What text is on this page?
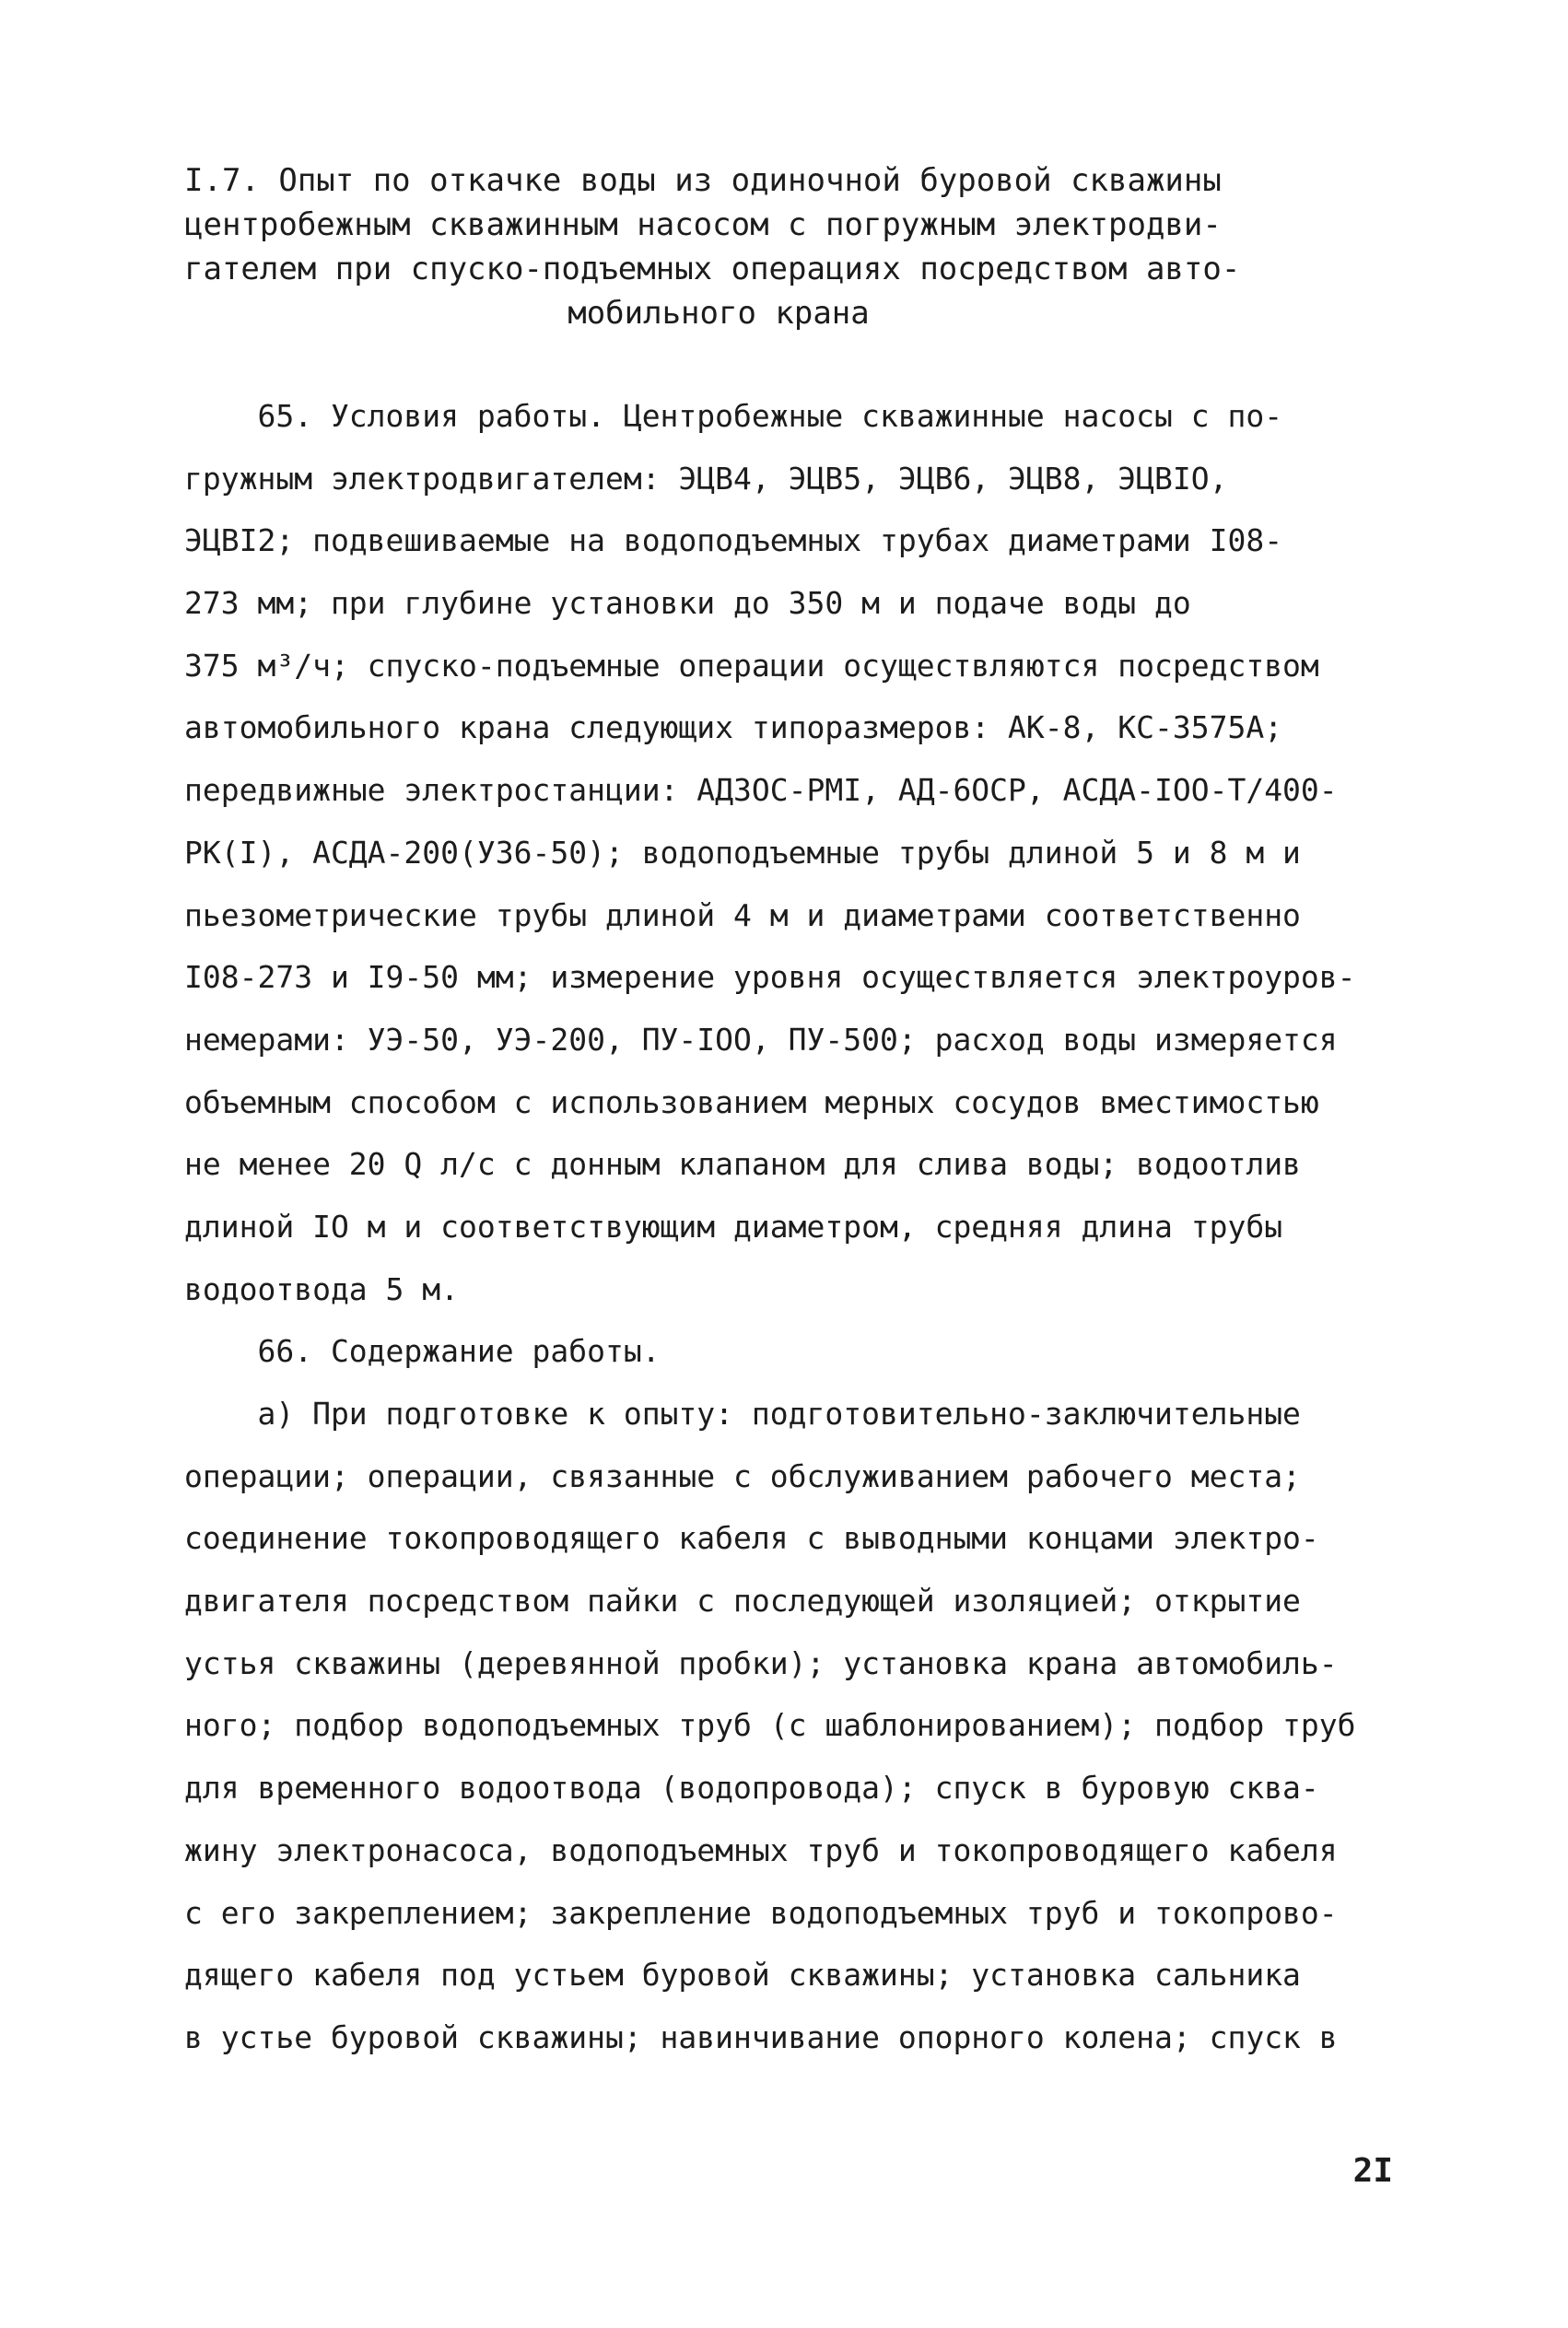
I.7. Опыт по откачке воды из одиночной буровой скважины
центробежным скважинным насосом с погружным электродви-
гателем при спуско-подъемных операциях посредством авто-
мобильного крана
65. Условия работы. Центробежные скважинные насосы с по-
гружным электродвигателем: ЭЦВ4, ЭЦВ5, ЭЦВ6, ЭЦВ8, ЭЦВIO,
ЭЦВI2; подвешиваемые на водоподъемных трубах диаметрами I08-
273 мм; при глубине установки до 350 м и подаче воды до
375 м³/ч; спуско-подъемные операции осуществляются посредством
автомобильного крана следующих типоразмеров: АК-8, КС-3575А;
передвижные электростанции: АДЗОС-РМI, АД-6ОСР, АСДА-IOO-Т/400-
РК(I), АСДА-200(У36-50); водоподъемные трубы длиной 5 и 8 м и
пьезометрические трубы длиной 4 м и диаметрами соответственно
I08-273 и I9-50 мм; измерение уровня осуществляется электроуров-
немерами: УЭ-50, УЭ-200, ПУ-IOO, ПУ-500; расход воды измеряется
объемным способом с использованием мерных сосудов вместимостью
не менее 20 Q л/с с донным клапаном для слива воды; водоотлив
длиной IO м и соответствующим диаметром, средняя длина трубы
водоотвода 5 м.
66. Содержание работы.
а) При подготовке к опыту: подготовительно-заключительные
операции; операции, связанные с обслуживанием рабочего места;
соединение токопроводящего кабеля с выводными концами электро-
двигателя посредством пайки с последующей изоляцией; открытие
устья скважины (деревянной пробки); установка крана автомобиль-
ного; подбор водоподъемных труб (с шаблонированием); подбор труб
для временного водоотвода (водопровода); спуск в буровую сква-
жину электронасоса, водоподъемных труб и токопроводящего кабеля
с его закреплением; закрепление водоподъемных труб и токопрово-
дящего кабеля под устьем буровой скважины; установка сальника
в устье буровой скважины; навинчивание опорного колена; спуск в
2I
